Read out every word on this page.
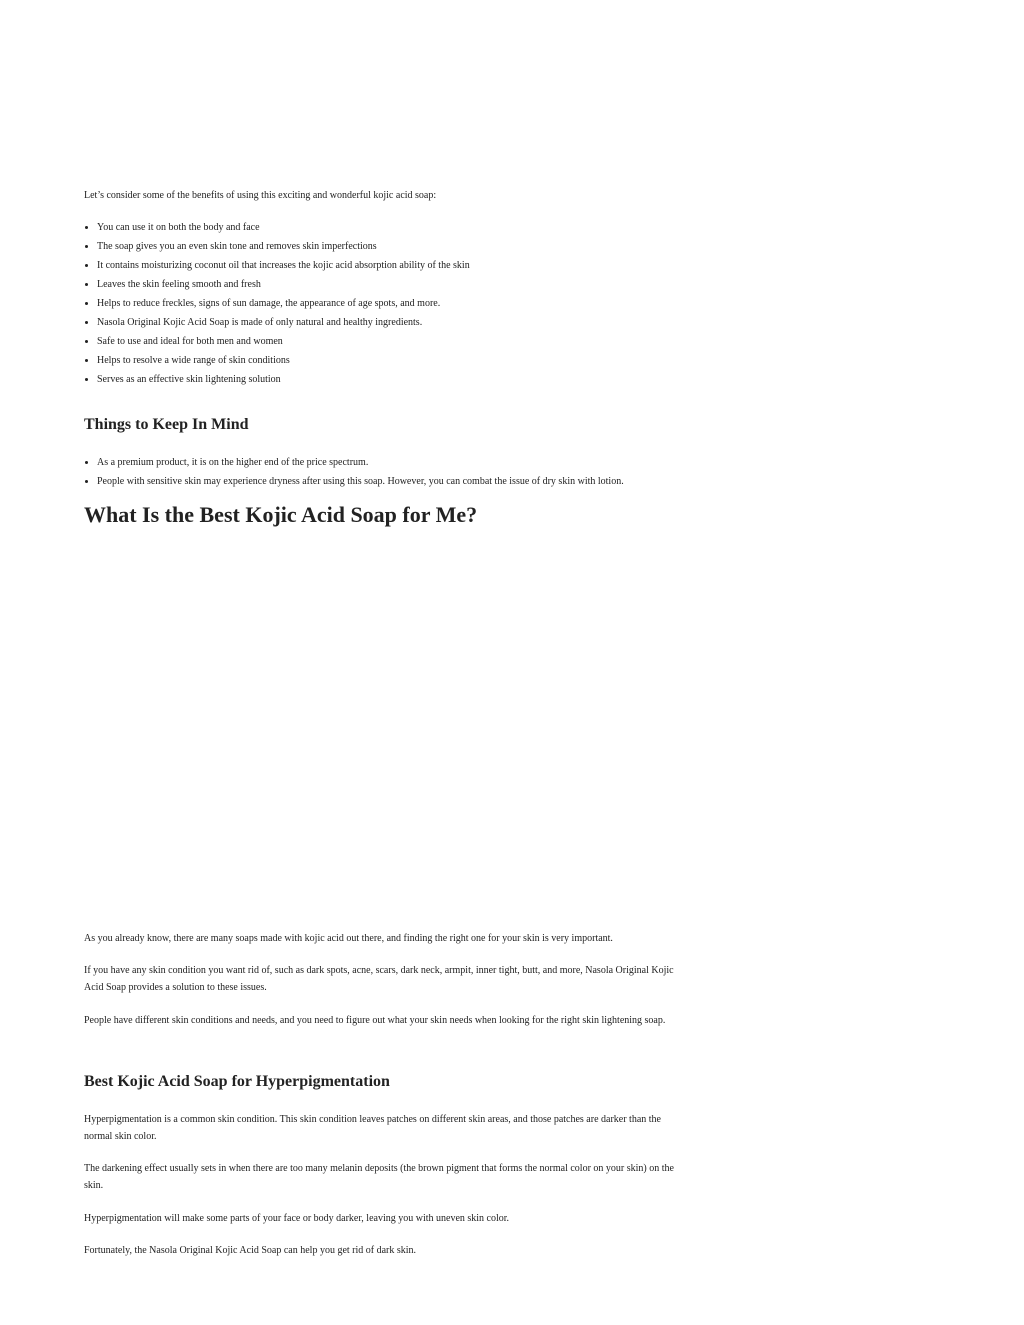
Let’s consider some of the benefits of using this exciting and wonderful kojic acid soap:

• You can use it on both the body and face
• The soap gives you an even skin tone and removes skin imperfections
• It contains moisturizing coconut oil that increases the kojic acid absorption ability of the skin
• Leaves the skin feeling smooth and fresh
• Helps to reduce freckles, signs of sun damage, the appearance of age spots, and more.
• Nasola Original Kojic Acid Soap is made of only natural and healthy ingredients.
• Safe to use and ideal for both men and women
• Helps to resolve a wide range of skin conditions
• Serves as an effective skin lightening solution
Things to Keep In Mind
• As a premium product, it is on the higher end of the price spectrum.
• People with sensitive skin may experience dryness after using this soap. However, you can combat the issue of dry skin with lotion.
What Is the Best Kojic Acid Soap for Me?

As you already know, there are many soaps made with kojic acid out there, and finding the right one for your skin is very important.

If you have any skin condition you want rid of, such as dark spots, acne, scars, dark neck, armpit, inner tight, butt, and more, Nasola Original Kojic Acid Soap provides a solution to these issues.

People have different skin conditions and needs, and you need to figure out what your skin needs when looking for the right skin lightening soap.

Best Kojic Acid Soap for Hyperpigmentation

Hyperpigmentation is a common skin condition. This skin condition leaves patches on different skin areas, and those patches are darker than the normal skin color.

The darkening effect usually sets in when there are too many melanin deposits (the brown pigment that forms the normal color on your skin) on the skin.

Hyperpigmentation will make some parts of your face or body darker, leaving you with uneven skin color.

Fortunately, the Nasola Original Kojic Acid Soap can help you get rid of dark skin.
